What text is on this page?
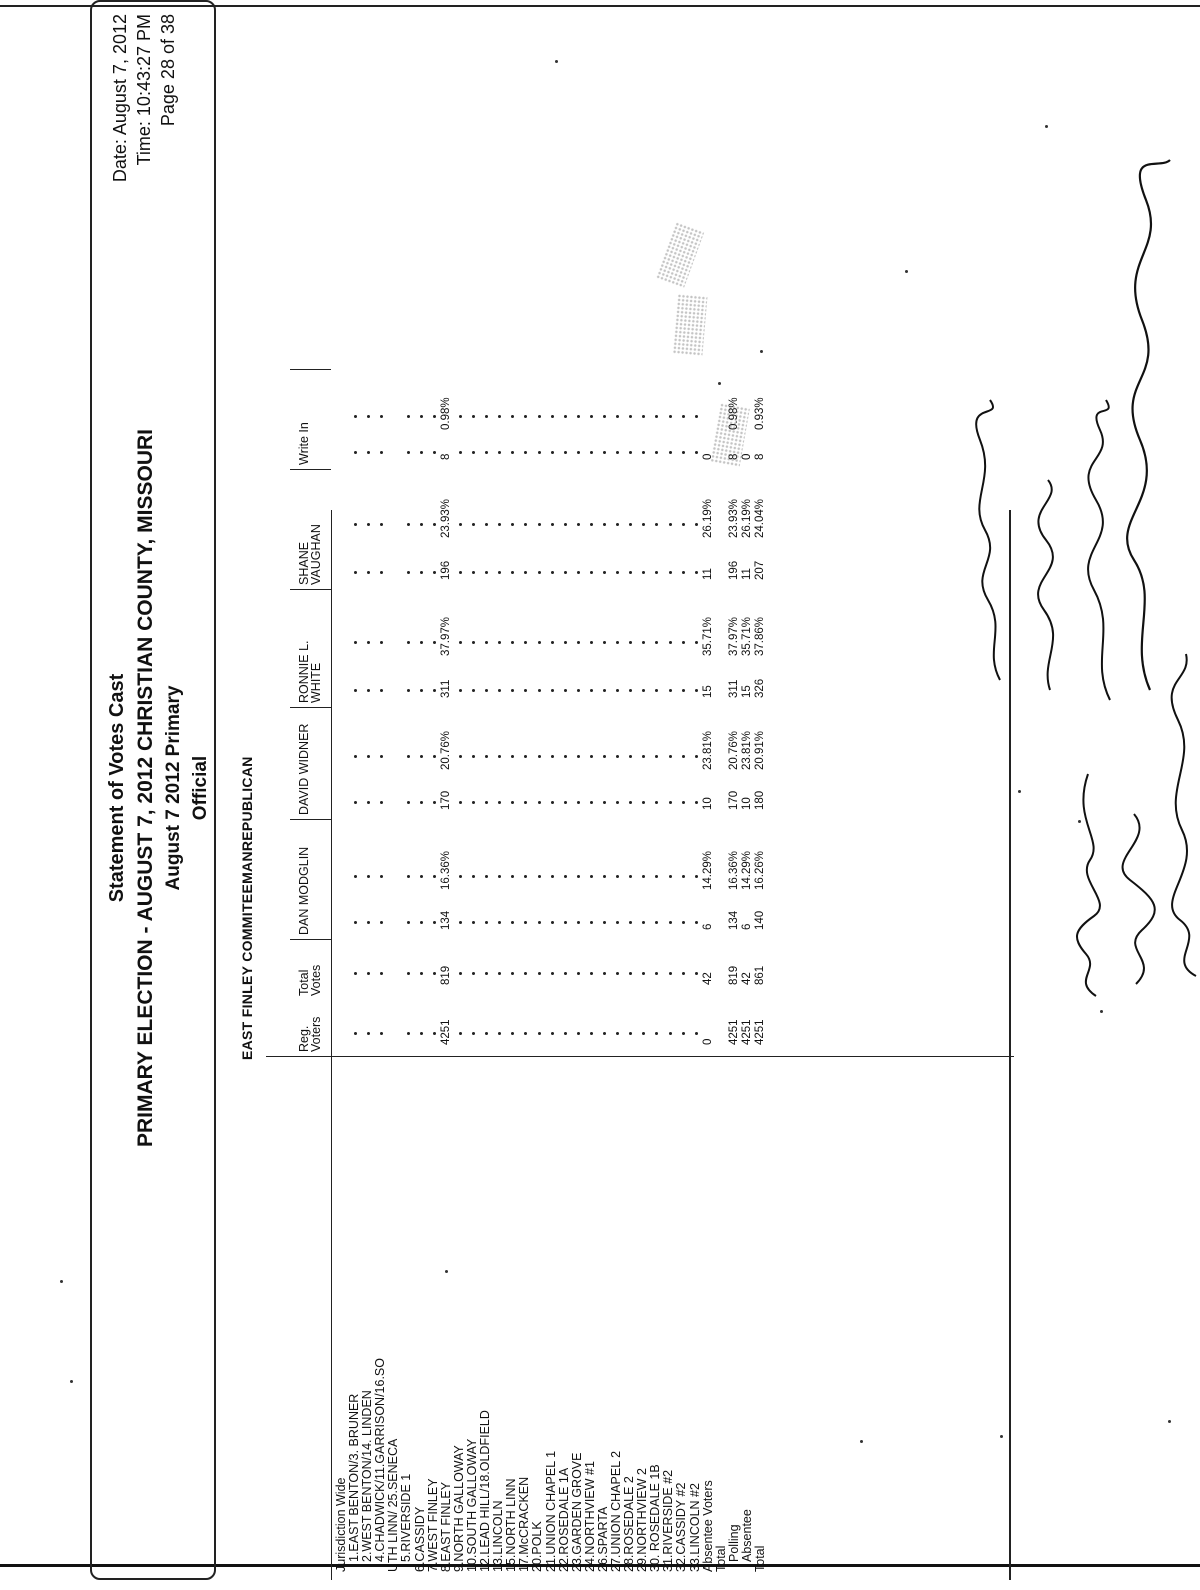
Statement of Votes Cast PRIMARY ELECTION - AUGUST 7, 2012 CHRISTIAN COUNTY, MISSOURI August 7 2012 Primary Official
Date: August 7, 2012 Time: 10:43:27 PM Page 28 of 38
EAST FINLEY COMMITEEMANREPUBLICAN	Reg.
Voters
Total
Votes
DAN MODGLIN
DAVID WIDNER
RONNIE L.
WHITE
SHANE
VAUGHAN
Write In
Jurisdiction Wide 1.EAST BENTON/3. BRUNER 2.WEST BENTON/14. LINDEN 4.CHADWICK/11.GARRISON/16.SO UTH LINN/ 25.SENECA 5.RIVERSIDE 1 6.CASSIDY 7.WEST FINLEY 8.EAST FINLEY 9.NORTH GALLOWAY 10.SOUTH GALLOWAY 12.LEAD HILL/18.OLDFIELD 13.LINCOLN 15.NORTH LINN 17.McCRACKEN 20.POLK 21.UNION CHAPEL 1 22.ROSEDALE 1A 23.GARDEN GROVE 24.NORTHVIEW #1 26.SPARTA 27.UNION CHAPEL 2 28.ROSEDALE 2 29.NORTHVIEW 2 30. ROSEDALE 1B 31.RIVERSIDE #2 32.CASSIDY #2 33.LINCOLN #2 Absentee Voters Total Polling Absentee Total
4251
819
134
170
311
196
8
16.36%
20.76%
37.97%
23.93%
0.98%
0
42
6
10
15
11
0
14.29%
23.81%
35.71%
26.19%
4251
819
134
170
311
196
8
16.36%
20.76%
37.97%
23.93%
0.98%
4251
42
6
10
15
11
0
14.29%
23.81%
35.71%
26.19%
4251
861
140
180
326
207
8
16.26%
20.91%
37.86%
24.04%
0.93%
